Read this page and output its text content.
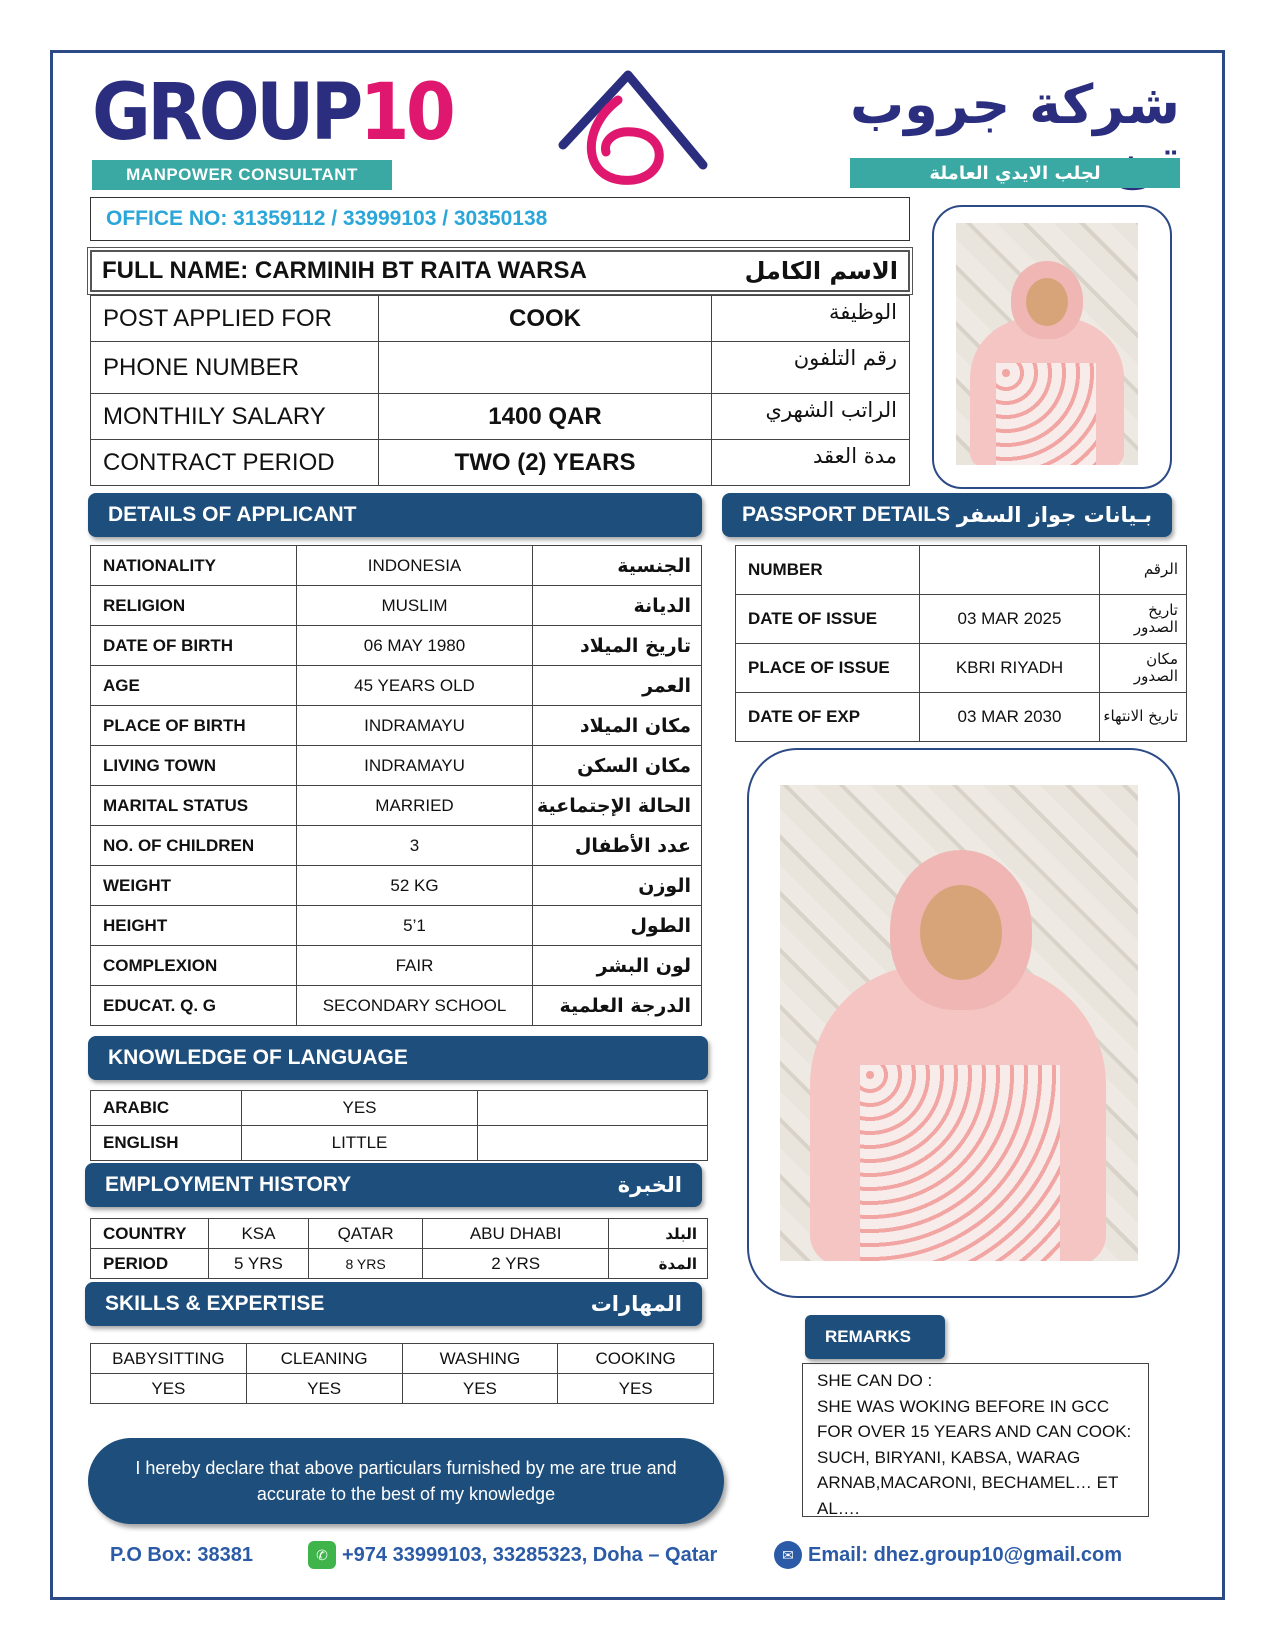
GROUP10
MANPOWER CONSULTANT
شركة جروب
لجلب الايدي العاملة
OFFICE NO: 31359112 / 33999103 / 30350138
FULL NAME: CARMINIH BT RAITA WARSA	الاسم الكامل
POST APPLIED FOR	COOK	الوظيفة
PHONE NUMBER		رقم التلفون
MONTHILY SALARY	1400 QAR	الراتب الشهري
CONTRACT PERIOD	TWO (2) YEARS	مدة العقد
DETAILS OF APPLICANT
NATIONALITY	INDONESIA	الجنسية
RELIGION	MUSLIM	الديانة
DATE OF BIRTH	06 MAY 1980	تاريخ الميلاد
AGE	45 YEARS OLD	العمر
PLACE OF BIRTH	INDRAMAYU	مكان الميلاد
LIVING TOWN	INDRAMAYU	مكان السكن
MARITAL STATUS	MARRIED	الحالة الإجتماعية
NO. OF CHILDREN	3	عدد الأطفال
WEIGHT	52 KG	الوزن
HEIGHT	5’1	الطول
COMPLEXION	FAIR	لون البشر
EDUCAT. Q. G	SECONDARY SCHOOL	الدرجة العلمية
PASSPORT DETAILS بـيانات جواز السفر
NUMBER		الرقم
DATE OF ISSUE	03 MAR 2025	تاريخ الصدور
PLACE OF ISSUE	KBRI RIYADH	مكان الصدور
DATE OF EXP	03 MAR 2030	تاريخ الانتهاء
KNOWLEDGE OF LANGUAGE
ARABIC	YES	
ENGLISH	LITTLE	
EMPLOYMENT HISTORY	الخبرة
COUNTRY	KSA	QATAR	ABU DHABI	البلد
PERIOD	5 YRS	8 YRS	2 YRS	المدة
SKILLS & EXPERTISE	المهارات
BABYSITTING	CLEANING	WASHING	COOKING
YES	YES	YES	YES
REMARKS
SHE CAN DO :
SHE WAS WOKING BEFORE IN GCC
FOR OVER 15 YEARS AND CAN COOK:
SUCH, BIRYANI, KABSA, WARAG
ARNAB,MACARONI, BECHAMEL… ET
AL….
I hereby declare that above particulars furnished by me are true and accurate to the best of my knowledge
P.O Box: 38381	✆ +974 33999103, 33285323, Doha – Qatar	✉ Email: dhez.group10@gmail.com
